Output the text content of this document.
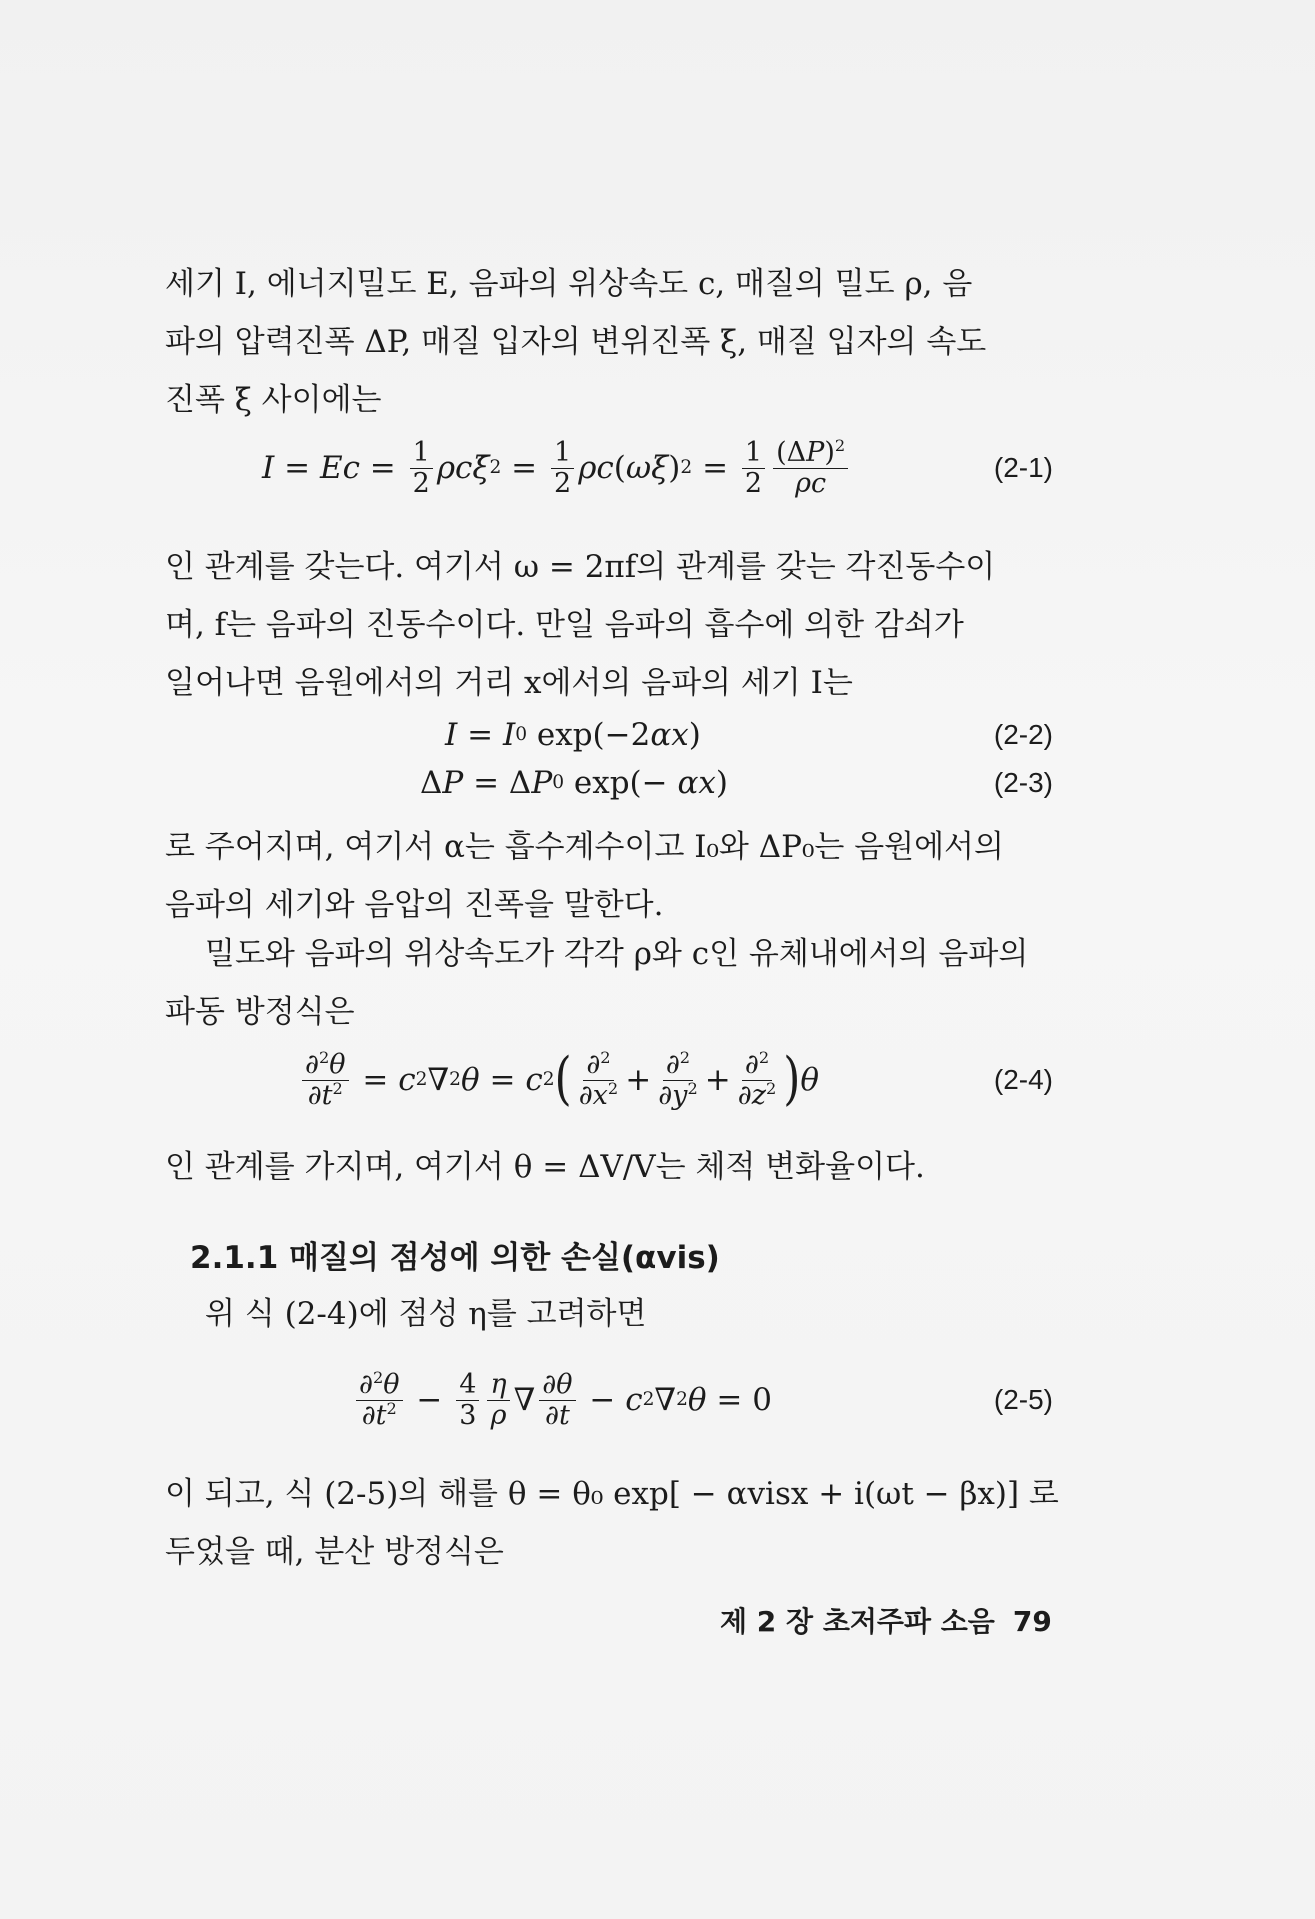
세기 I, 에너지밀도 E, 음파의 위상속도 c, 매질의 밀도 ρ, 음
파의 압력진폭 ΔP, 매질 입자의 변위진폭 ξ, 매질 입자의 속도
진폭 ξ̇ 사이에는

$I = Ec = \frac{1}{2}$ ρc ξ̇ $2 = \frac{1}{2}$ ρc ( ωξ ) $2 = \frac{1}{2} \frac{(\Delta P)^2}{\rho c}$	(2-1)

인 관계를 갖는다. 여기서 ω = 2πf의 관계를 갖는 각진동수이
며, f는 음파의 진동수이다. 만일 음파의 흡수에 의한 감쇠가
일어나면 음원에서의 거리 x에서의 음파의 세기 I는

I = I 0 exp(−2 αx )	(2-2)
Δ P = Δ P 0 exp(− αx )	(2-3)

로 주어지며, 여기서 α는 흡수계수이고 I₀와 ΔP₀는 음원에서의
음파의 세기와 음압의 진폭을 말한다.

밀도와 음파의 위상속도가 각각 ρ와 c인 유체내에서의 음파의
파동 방정식은

$\frac{\partial^2\theta}{\partial t^2} = c$ 2 ∇ 2 θ = c 2 ( $\frac{\partial^2}{\partial x^2} + \frac{\partial^2}{\partial y^2} + \frac{\partial^2}{\partial z^2}$ ) θ	(2-4)

인 관계를 가지며, 여기서 θ = ΔV/V는 체적 변화율이다.

2.1.1 매질의 점성에 의한 손실(αvis)

위 식 (2-4)에 점성 η를 고려하면

$\frac{\partial^2\theta}{\partial t^2} - \frac{4}{3} \frac{\eta}{\rho}$ ∇ $\frac{\partial\theta}{\partial t} - c$ 2 ∇ 2 θ = 0	(2-5)

이 되고, 식 (2-5)의 해를 θ = θ₀ exp[ − αvisx + i(ωt − βx)] 로
두었을 때, 분산 방정식은

제 2 장 초저주파 소음 79
